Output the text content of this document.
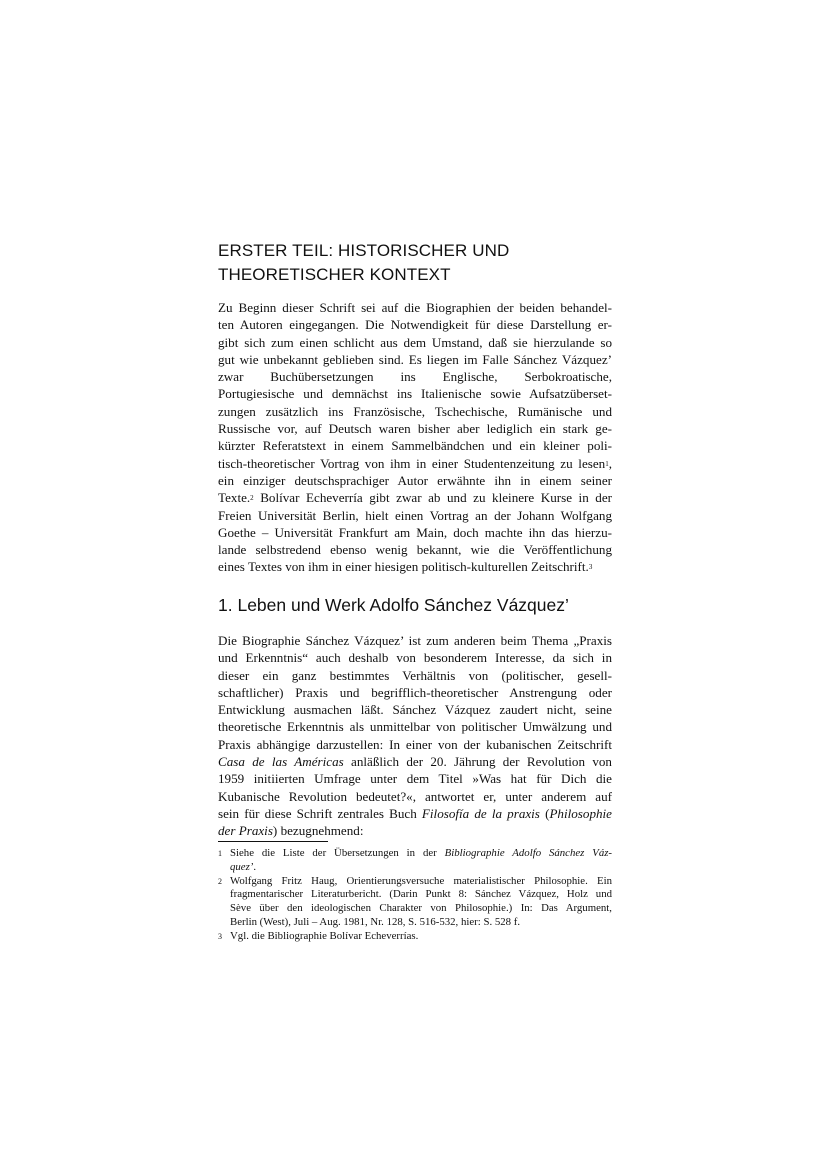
ERSTER TEIL: HISTORISCHER UND
THEORETISCHER KONTEXT
Zu Beginn dieser Schrift sei auf die Biographien der beiden behandel-
ten Autoren eingegangen. Die Notwendigkeit für diese Darstellung er-
gibt sich zum einen schlicht aus dem Umstand, daß sie hierzulande so
gut wie unbekannt geblieben sind. Es liegen im Falle Sánchez Vázquez’
zwar Buchübersetzungen ins Englische, Serbokroatische,
Portugiesische und demnächst ins Italienische sowie Aufsatzüberset-
zungen zusätzlich ins Französische, Tschechische, Rumänische und
Russische vor, auf Deutsch waren bisher aber lediglich ein stark ge-
kürzter Referatstext in einem Sammelbändchen und ein kleiner poli-
tisch-theoretischer Vortrag von ihm in einer Studentenzeitung zu lesen$^1$,
ein einziger deutschsprachiger Autor erwähnte ihn in einem seiner
Texte.$^2$ Bolívar Echeverría gibt zwar ab und zu kleinere Kurse in der
Freien Universität Berlin, hielt einen Vortrag an der Johann Wolfgang
Goethe – Universität Frankfurt am Main, doch machte ihn das hierzu-
lande selbstredend ebenso wenig bekannt, wie die Veröffentlichung
eines Textes von ihm in einer hiesigen politisch-kulturellen Zeitschrift.$^3$
1. Leben und Werk Adolfo Sánchez Vázquez’
Die Biographie Sánchez Vázquez’ ist zum anderen beim Thema „Praxis
und Erkenntnis“ auch deshalb von besonderem Interesse, da sich in
dieser ein ganz bestimmtes Verhältnis von (politischer, gesell-
schaftlicher) Praxis und begrifflich-theoretischer Anstrengung oder
Entwicklung ausmachen läßt. Sánchez Vázquez zaudert nicht, seine
theoretische Erkenntnis als unmittelbar von politischer Umwälzung und
Praxis abhängige darzustellen: In einer von der kubanischen Zeitschrift
Casa de las Américas anläßlich der 20. Jährung der Revolution von
1959 initiierten Umfrage unter dem Titel »Was hat für Dich die
Kubanische Revolution bedeutet?«, antwortet er, unter anderem auf
sein für diese Schrift zentrales Buch Filosofía de la praxis (Philosophie
der Praxis) bezugnehmend:
1 Siehe die Liste der Übersetzungen in der Bibliographie Adolfo Sánchez Váz-
quez’.
2 Wolfgang Fritz Haug, Orientierungsversuche materialistischer Philosophie. Ein
fragmentarischer Literaturbericht. (Darin Punkt 8: Sánchez Vázquez, Holz und
Sève über den ideologischen Charakter von Philosophie.) In: Das Argument,
Berlin (West), Juli – Aug. 1981, Nr. 128, S. 516-532, hier: S. 528 f.
3 Vgl. die Bibliographie Bolívar Echeverrías.
